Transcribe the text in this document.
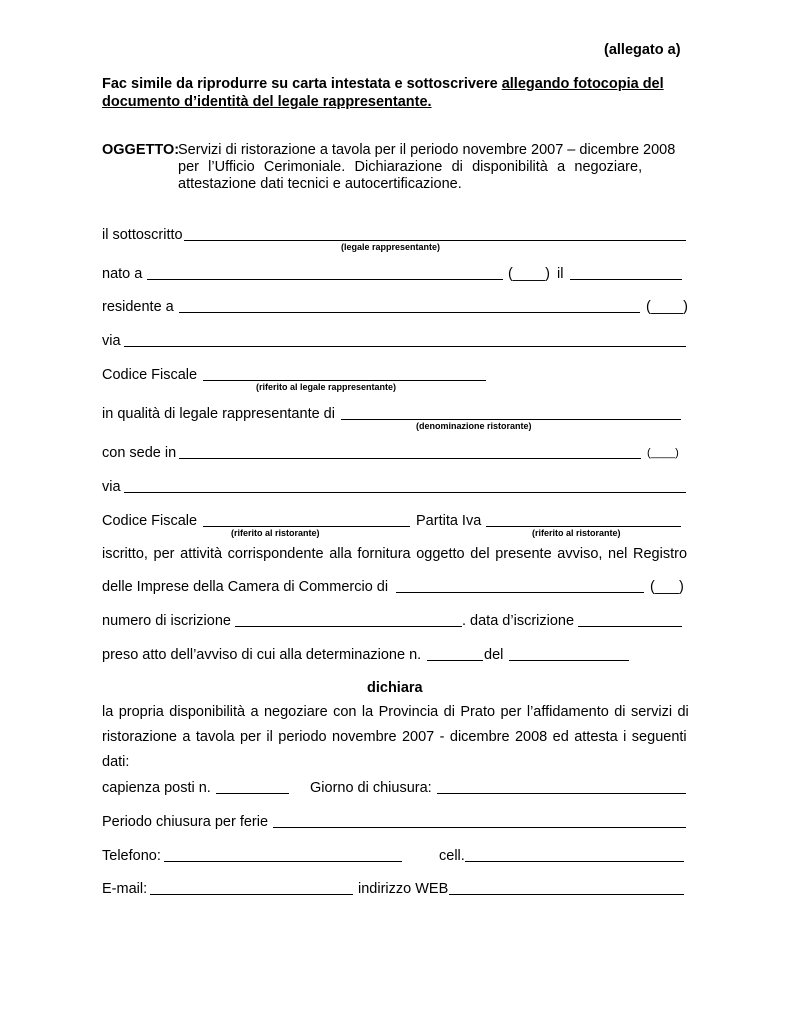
(allegato a)
Fac simile da riprodurre su carta intestata e sottoscrivere allegando fotocopia del
documento d’identità del legale rappresentante.
OGGETTO:
Servizi di ristorazione a tavola per il periodo novembre 2007 – dicembre 2008
per l’Ufficio Cerimoniale. Dichiarazione di disponibilità a negoziare,
attestazione dati tecnici e autocertificazione.
il sottoscritto
(legale rappresentante)
nato a	(____) il
residente a	(____)
via
Codice Fiscale
(riferito al legale rappresentante)
in qualità di legale rappresentante di
(denominazione ristorante)
con sede in	(____)
via
Codice Fiscale
(riferito al ristorante)
Partita Iva
(riferito al ristorante)
iscritto, per attività corrispondente alla fornitura oggetto del presente avviso, nel Registro
delle Imprese della Camera di Commercio di	(___)
numero di iscrizione	. data d’iscrizione
preso atto dell’avviso di cui alla determinazione n.	del
dichiara
la propria disponibilità a negoziare con la Provincia di Prato per l’affidamento di servizi di
ristorazione a tavola per il periodo novembre 2007 - dicembre 2008 ed attesta i seguenti
dati:
capienza posti n.	Giorno di chiusura:
Periodo chiusura per ferie
Telefono:	cell.
E-mail:	indirizzo WEB
